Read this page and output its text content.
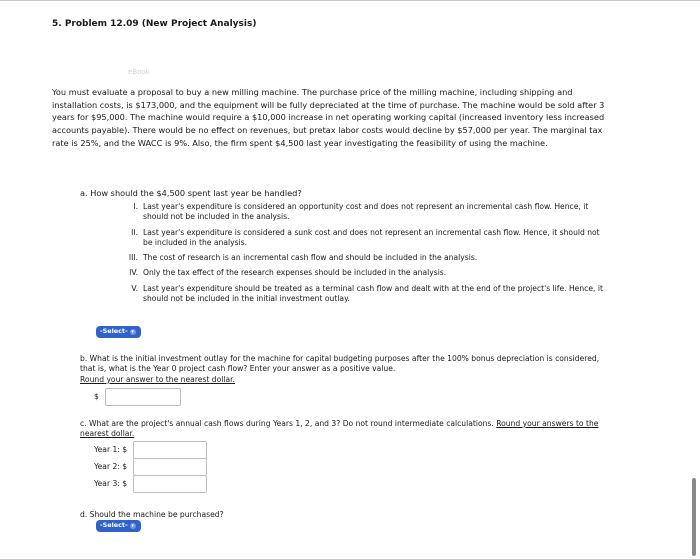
5. Problem 12.09 (New Project Analysis)
eBook

You must evaluate a proposal to buy a new milling machine. The purchase price of the milling machine, including shipping and installation costs, is $173,000, and the equipment will be fully depreciated at the time of purchase. The machine would be sold after 3 years for $95,000. The machine would require a $10,000 increase in net operating working capital (increased inventory less increased accounts payable). There would be no effect on revenues, but pretax labor costs would decline by $57,000 per year. The marginal tax rate is 25%, and the WACC is 9%. Also, the firm spent $4,500 last year investigating the feasibility of using the machine.

a. How should the $4,500 spent last year be handled?
I. Last year's expenditure is considered an opportunity cost and does not represent an incremental cash flow. Hence, it should not be included in the analysis.
II. Last year's expenditure is considered a sunk cost and does not represent an incremental cash flow. Hence, it should not be included in the analysis.
III. The cost of research is an incremental cash flow and should be included in the analysis.
IV. Only the tax effect of the research expenses should be included in the analysis.
V. Last year's expenditure should be treated as a terminal cash flow and dealt with at the end of the project's life. Hence, it should not be included in the initial investment outlay.
-Select- ▾
b. What is the initial investment outlay for the machine for capital budgeting purposes after the 100% bonus depreciation is considered, that is, what is the Year 0 project cash flow? Enter your answer as a positive value.
Round your answer to the nearest dollar.
$
c. What are the project's annual cash flows during Years 1, 2, and 3? Do not round intermediate calculations. Round your answers to the nearest dollar.
Year 1: $
Year 2: $
Year 3: $
d. Should the machine be purchased?
-Select- ▾
